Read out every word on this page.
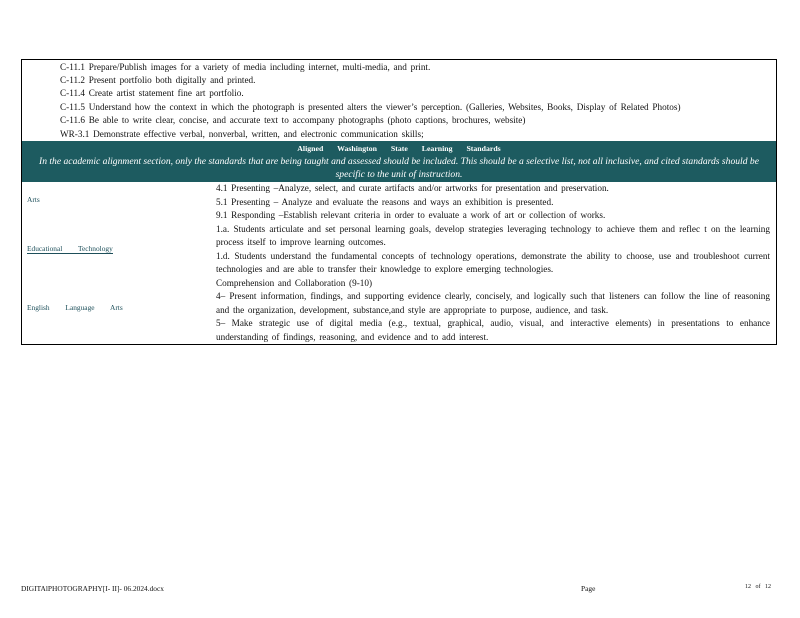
C-11.1 Prepare/Publish images for a variety of media including internet, multi-media, and print.
C-11.2 Present portfolio both digitally and printed.
C-11.4 Create artist statement fine art portfolio.
C-11.5 Understand how the context in which the photograph is presented alters the viewer’s perception. (Galleries, Websites, Books, Display of Related Photos)
C-11.6 Be able to write clear, concise, and accurate text to accompany photographs (photo captions, brochures, website)
WR-3.1 Demonstrate effective verbal, nonverbal, written, and electronic communication skills;
Aligned Washington State Learning Standards
In the academic alignment section, only the standards that are being taught and assessed should be included. This should be a selective list, not all inclusive, and cited standards should be specific to the unit of instruction.
Arts
Educational Technology
English Language Arts
4.1 Presenting –Analyze, select, and curate artifacts and/or artworks for presentation and preservation.
5.1 Presenting – Analyze and evaluate the reasons and ways an exhibition is presented.
9.1 Responding –Establish relevant criteria in order to evaluate a work of art or collection of works.
1.a. Students articulate and set personal learning goals, develop strategies leveraging technology to achieve them and reflec t on the learning process itself to improve learning outcomes.
1.d. Students understand the fundamental concepts of technology operations, demonstrate the ability to choose, use and troubleshoot current technologies and are able to transfer their knowledge to explore emerging technologies.
Comprehension and Collaboration (9-10)
4– Present information, findings, and supporting evidence clearly, concisely, and logically such that listeners can follow the line of reasoning and the organization, development, substance,and style are appropriate to purpose, audience, and task.
5– Make strategic use of digital media (e.g., textual, graphical, audio, visual, and interactive elements) in presentations to enhance understanding of findings, reasoning, and evidence and to add interest.
DIGITAlPHOTOGRAPHY[I- II]- 06.2024.docx	Page	12 of 12
